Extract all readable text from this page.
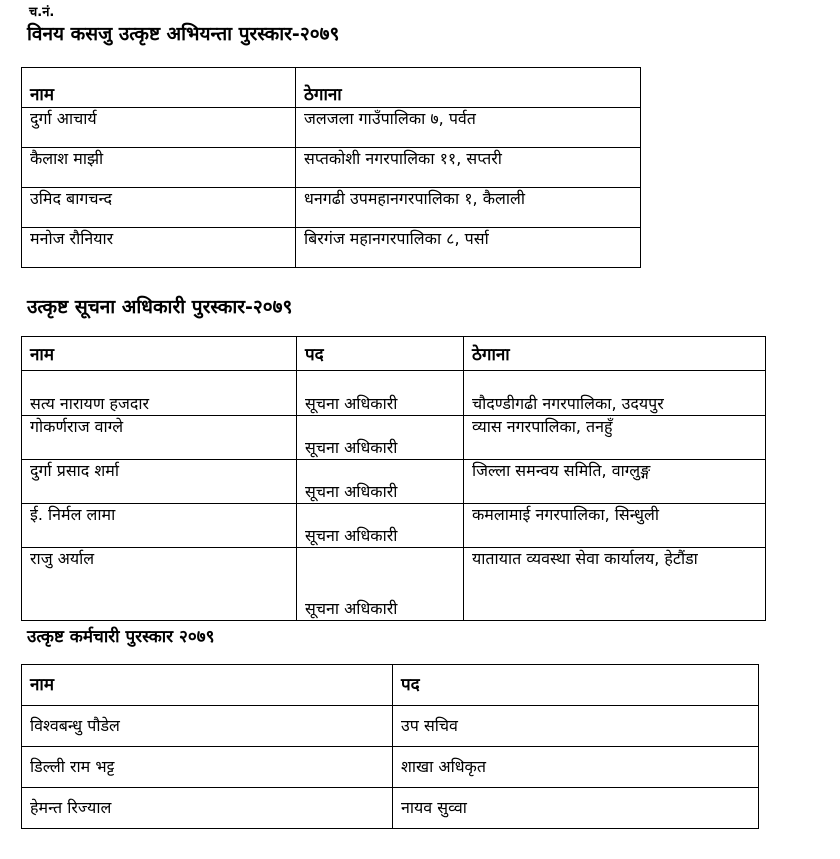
च.नं.
विनय कसजु उत्कृष्ट अभियन्ता पुरस्कार-२०७९
नाम	ठेगाना
दुर्गा आचार्य	जलजला गाउँपालिका ७, पर्वत
कैलाश माझी	सप्तकोशी नगरपालिका ११, सप्तरी
उमिद बागचन्द	धनगढी उपमहानगरपालिका १, कैलाली
मनोज रौनियार	बिरगंज महानगरपालिका ८, पर्सा
उत्कृष्ट सूचना अधिकारी पुरस्कार-२०७९
नाम	पद	ठेगाना
सत्य नारायण हजदार	सूचना अधिकारी	चौदण्डीगढी नगरपालिका, उदयपुर
गोकर्णराज वाग्ले	सूचना अधिकारी	व्यास नगरपालिका, तनहुँ
दुर्गा प्रसाद शर्मा	सूचना अधिकारी	जिल्ला समन्वय समिति, वाग्लुङ्ग
ई. निर्मल लामा	सूचना अधिकारी	कमलामाई नगरपालिका, सिन्धुली
राजु अर्याल	सूचना अधिकारी	यातायात व्यवस्था सेवा कार्यालय, हेटौंडा
उत्कृष्ट कर्मचारी पुरस्कार २०७९
नाम	पद
विश्वबन्धु पौडेल	उप सचिव
डिल्ली राम भट्ट	शाखा अधिकृत
हेमन्त रिज्याल	नायव सुव्वा
